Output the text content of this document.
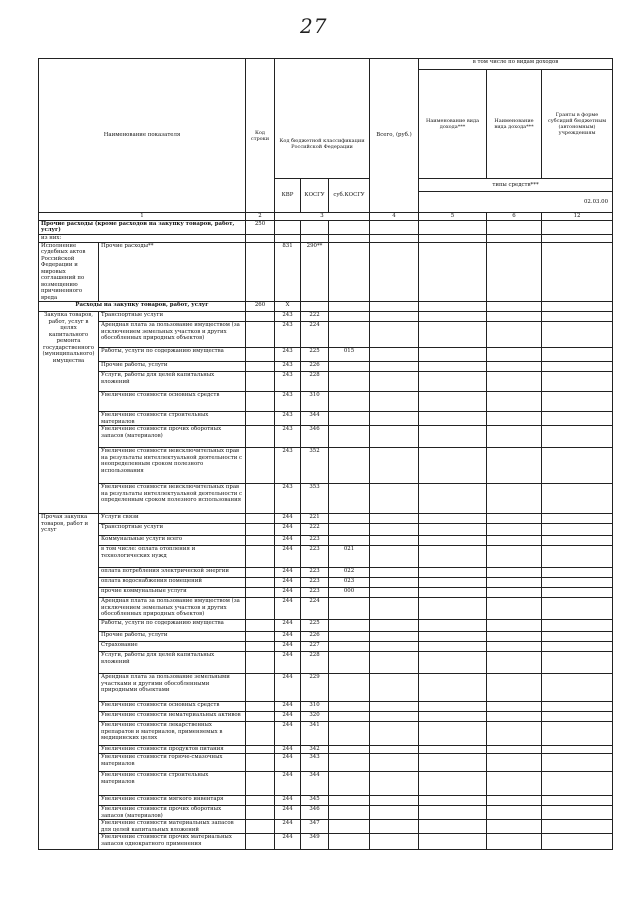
27
Наименование показателя		Код строки	Код бюджетной классификации Российской Федерации			Всего, (руб.)	в том числе по видам доходов		
							Наименование вида дохода***	Наименование вида дохода***	Гранты в форме субсидий бюджетным (автономным) учреждениям
			КВР	КОСГУ	суб.КОСГУ		типы средств***
02.03.00		

1		2	3			4	5	6	12
Прочие расходы (кроме расходов на закупку товаров, работ, услуг)		250							
из них:									
Исполнение судебных актов Российской Федерации и мировых соглашений по возмещению причиненного вреда	Прочие расходы**		831	290**					
Расходы на закупку товаров, работ, услуг		260	X						
Закупка товаров, работ, услуг в целях капитального ремонта государственного (муниципального) имущества	Транспортные услуги		243	222					
	Арендная плата за пользование имуществом (за исключением земельных участков и других обособленных природных объектов)		243	224					
	Работы, услуги по содержанию имущества		243	225	015				
	Прочие работы, услуги		243	226					
	Услуги, работы для целей капитальных вложений		243	228					
	Увеличение стоимости основных средств		243	310					
	Увеличение стоимости строительных материалов		243	344					
	Увеличение стоимости прочих оборотных запасов (материалов)		243	346					
	Увеличение стоимости неисключительных прав на результаты интеллектуальной деятельности с неопределенным сроком полезного использования		243	352					
	Увеличение стоимости неисключительных прав на результаты интеллектуальной деятельности с определенным сроком полезного использования		243	353					
Прочая закупка товаров, работ и услуг	Услуги связи		244	221					
	Транспортные услуги		244	222					
	Коммунальные услуги всего		244	223					
	в том числе: оплата отопления и технологических нужд		244	223	021				
	оплата потребления электрической энергии		244	223	022				
	оплата водоснабжения помещений		244	223	023				
	прочие коммунальные услуги		244	223	000				
	Арендная плата за пользование имуществом (за исключением земельных участков и других обособленных природных объектов)		244	224					
	Работы, услуги по содержанию имущества		244	225					
	Прочие работы, услуги		244	226					
	Страхование		244	227					
	Услуги, работы для целей капитальных вложений		244	228					
	Арендная плата за пользование земельными участками и другими обособленными природными объектами		244	229					
	Увеличение стоимости основных средств		244	310					
	Увеличение стоимости нематериальных активов		244	320					
	Увеличение стоимости лекарственных препаратов и материалов, применяемых в медицинских целях		244	341					
	Увеличение стоимости продуктов питания		244	342					
	Увеличение стоимости горюче-смазочных материалов		244	343					
	Увеличение стоимости строительных материалов		244	344					
	Увеличение стоимости мягкого инвентаря		244	345					
	Увеличение стоимости прочих оборотных запасов (материалов)		244	346					
	Увеличение стоимости материальных запасов для целей капитальных вложений		244	347					
	Увеличение стоимости прочих материальных запасов однократного применения		244	349					
